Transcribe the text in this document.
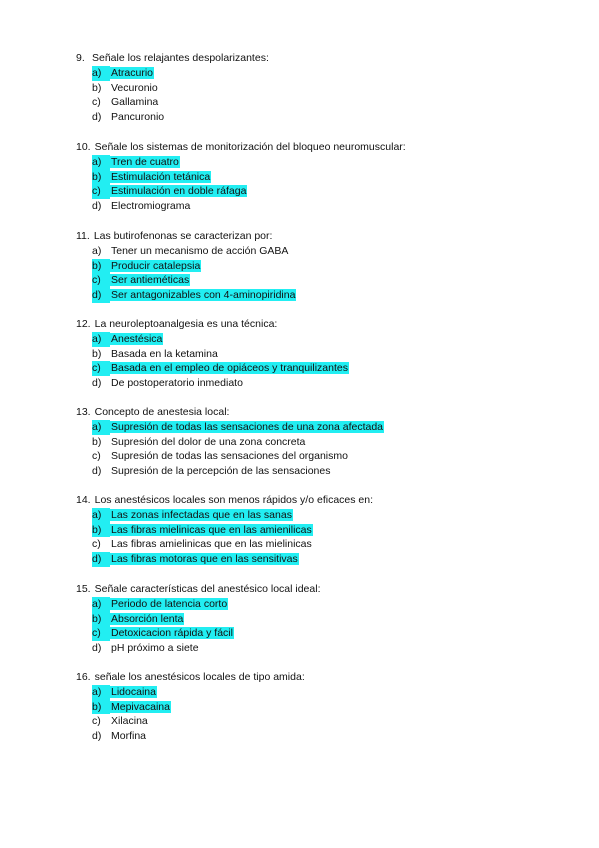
9. Señale los relajantes despolarizantes:
a) Atracurio
b) Vecuronio
c) Gallamina
d) Pancuronio
10. Señale los sistemas de monitorización del bloqueo neuromuscular:
a) Tren de cuatro
b) Estimulación tetánica
c) Estimulación en doble ráfaga
d) Electromiograma
11. Las butirofenonas se caracterizan por:
a) Tener un mecanismo de acción GABA
b) Producir catalepsia
c) Ser antieméticas
d) Ser antagonizables con 4-aminopiridina
12. La neuroleptoanalgesia es una técnica:
a) Anestésica
b) Basada en la ketamina
c) Basada en el empleo de opiáceos y tranquilizantes
d) De postoperatorio inmediato
13. Concepto de anestesia local:
a) Supresión de todas las sensaciones de una zona afectada
b) Supresión del dolor de una zona concreta
c) Supresión de todas las sensaciones del organismo
d) Supresión de la percepción de las sensaciones
14. Los anestésicos locales son menos rápidos y/o eficaces en:
a) Las zonas infectadas que en las sanas
b) Las fibras mielinicas que en las amienilicas
c) Las fibras amielinicas que en las mielinicas
d) Las fibras motoras que en las sensitivas
15. Señale características del anestésico local ideal:
a) Periodo de latencia corto
b) Absorción lenta
c) Detoxicacion rápida y fácil
d) pH próximo a siete
16. señale los anestésicos locales de tipo amida:
a) Lidocaina
b) Mepivacaina
c) Xilacina
d) Morfina
